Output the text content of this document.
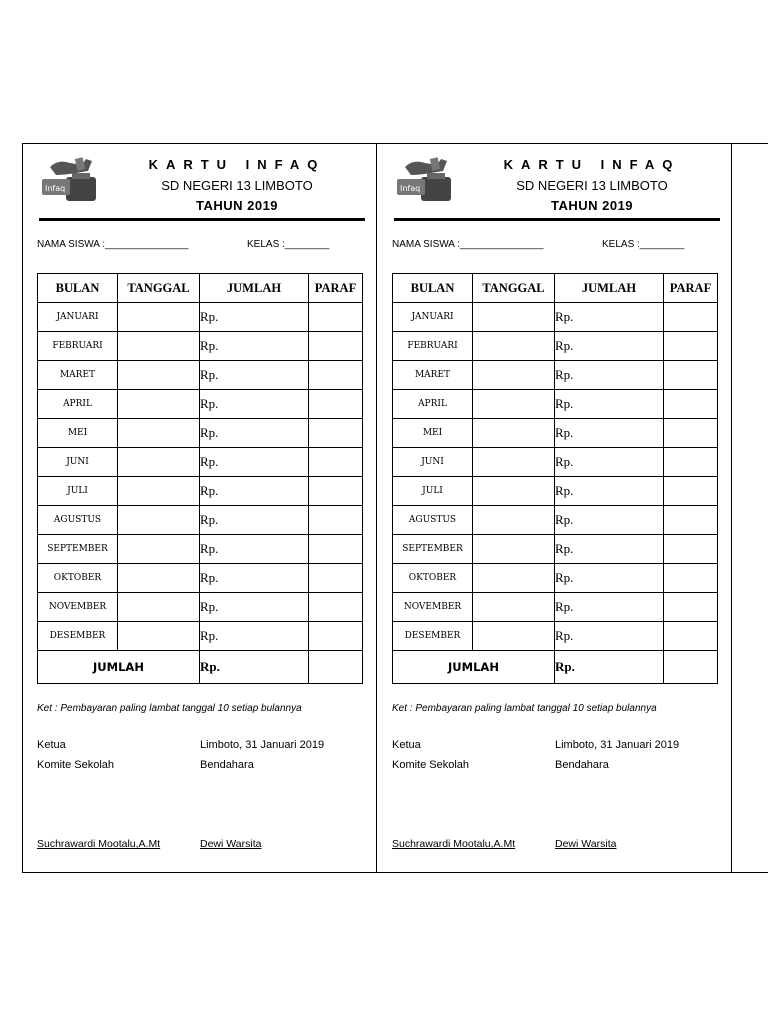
Infaq
KARTU INFAQ
SD NEGERI 13 LIMBOTO
TAHUN 2019
NAMA SISWA :_______________	KELAS :________
BULAN	TANGGAL	JUMLAH	PARAF
JANUARI		Rp.	
FEBRUARI		Rp.	
MARET		Rp.	
APRIL		Rp.	
MEI		Rp.	
JUNI		Rp.	
JULI		Rp.	
AGUSTUS		Rp.	
SEPTEMBER		Rp.	
OKTOBER		Rp.	
NOVEMBER		Rp.	
DESEMBER		Rp.	
JUMLAH		Rp.	
Ket : Pembayaran paling lambat tanggal 10 setiap bulannya
Ketua
Komite Sekolah
Limboto, 31 Januari 2019
Bendahara
Suchrawardi Mootalu,A.Mt	Dewi Warsita
Infaq
KARTU INFAQ
SD NEGERI 13 LIMBOTO
TAHUN 2019
NAMA SISWA :_______________	KELAS :________
BULAN	TANGGAL	JUMLAH	PARAF
JANUARI		Rp.	
FEBRUARI		Rp.	
MARET		Rp.	
APRIL		Rp.	
MEI		Rp.	
JUNI		Rp.	
JULI		Rp.	
AGUSTUS		Rp.	
SEPTEMBER		Rp.	
OKTOBER		Rp.	
NOVEMBER		Rp.	
DESEMBER		Rp.	
JUMLAH		Rp.	
Ket : Pembayaran paling lambat tanggal 10 setiap bulannya
Ketua
Komite Sekolah
Limboto, 31 Januari 2019
Bendahara
Suchrawardi Mootalu,A.Mt	Dewi Warsita
